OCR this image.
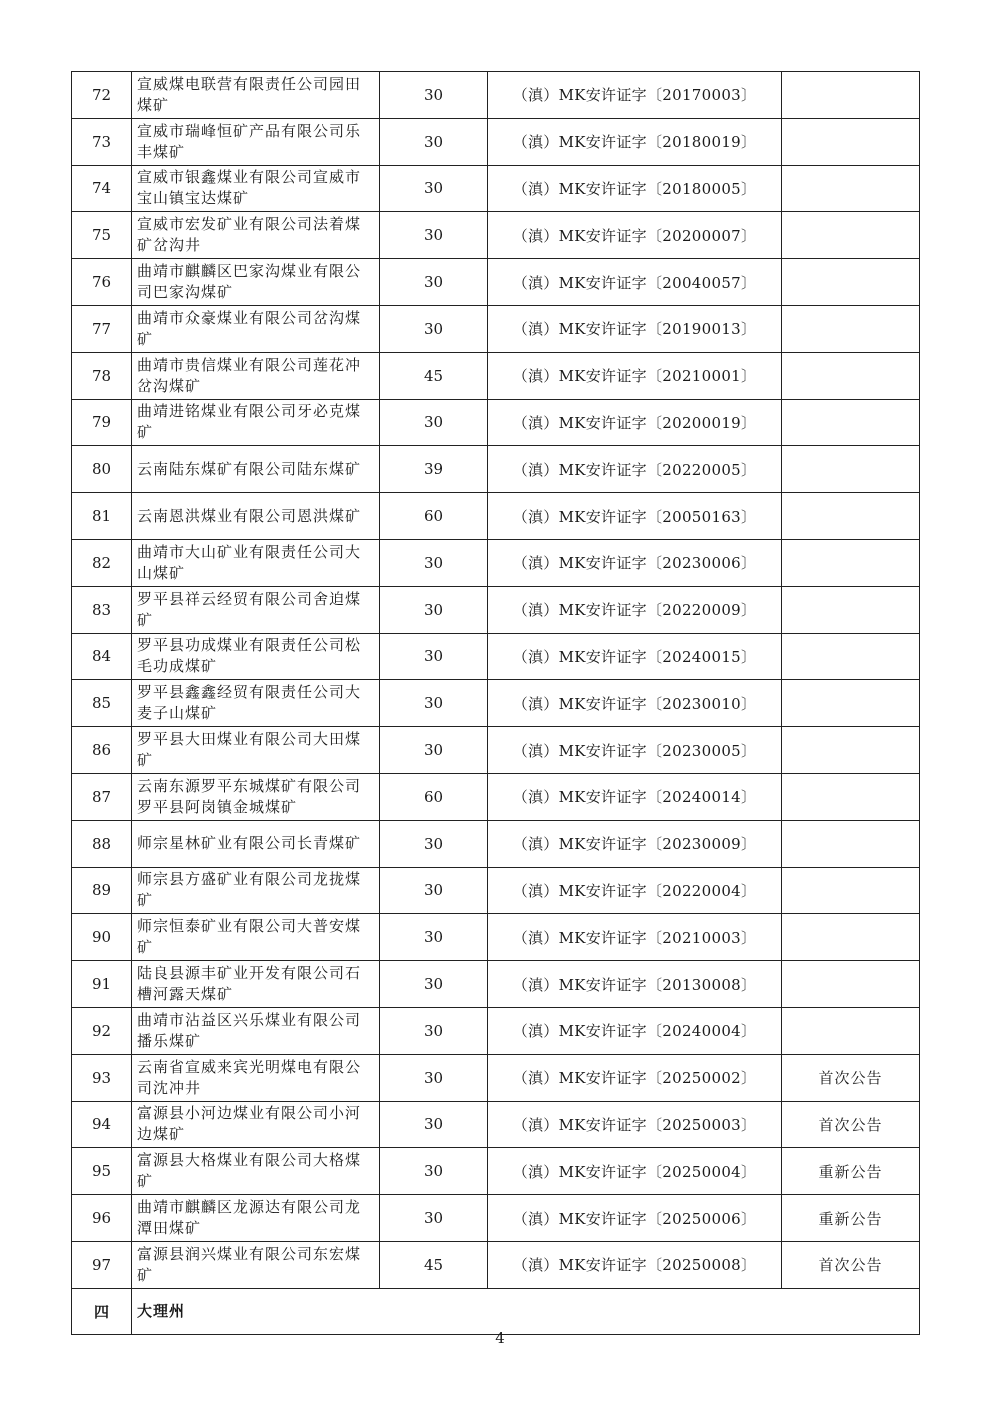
72	宣威煤电联营有限责任公司园田煤矿	30	（滇）MK安许证字〔20170003〕	
73	宣威市瑞峰恒矿产品有限公司乐丰煤矿	30	（滇）MK安许证字〔20180019〕	
74	宣威市银鑫煤业有限公司宣威市宝山镇宝达煤矿	30	（滇）MK安许证字〔20180005〕	
75	宣威市宏发矿业有限公司法着煤矿岔沟井	30	（滇）MK安许证字〔20200007〕	
76	曲靖市麒麟区巴家沟煤业有限公司巴家沟煤矿	30	（滇）MK安许证字〔20040057〕	
77	曲靖市众豪煤业有限公司岔沟煤矿	30	（滇）MK安许证字〔20190013〕	
78	曲靖市贵信煤业有限公司莲花冲岔沟煤矿	45	（滇）MK安许证字〔20210001〕	
79	曲靖进铭煤业有限公司牙必克煤矿	30	（滇）MK安许证字〔20200019〕	
80	云南陆东煤矿有限公司陆东煤矿	39	（滇）MK安许证字〔20220005〕	
81	云南恩洪煤业有限公司恩洪煤矿	60	（滇）MK安许证字〔20050163〕	
82	曲靖市大山矿业有限责任公司大山煤矿	30	（滇）MK安许证字〔20230006〕	
83	罗平县祥云经贸有限公司舍迫煤矿	30	（滇）MK安许证字〔20220009〕	
84	罗平县功成煤业有限责任公司松毛功成煤矿	30	（滇）MK安许证字〔20240015〕	
85	罗平县鑫鑫经贸有限责任公司大麦子山煤矿	30	（滇）MK安许证字〔20230010〕	
86	罗平县大田煤业有限公司大田煤矿	30	（滇）MK安许证字〔20230005〕	
87	云南东源罗平东城煤矿有限公司罗平县阿岗镇金城煤矿	60	（滇）MK安许证字〔20240014〕	
88	师宗星林矿业有限公司长青煤矿	30	（滇）MK安许证字〔20230009〕	
89	师宗县方盛矿业有限公司龙拢煤矿	30	（滇）MK安许证字〔20220004〕	
90	师宗恒泰矿业有限公司大普安煤矿	30	（滇）MK安许证字〔20210003〕	
91	陆良县源丰矿业开发有限公司石槽河露天煤矿	30	（滇）MK安许证字〔20130008〕	
92	曲靖市沾益区兴乐煤业有限公司播乐煤矿	30	（滇）MK安许证字〔20240004〕	
93	云南省宣威来宾光明煤电有限公司沈冲井	30	（滇）MK安许证字〔20250002〕	首次公告
94	富源县小河边煤业有限公司小河边煤矿	30	（滇）MK安许证字〔20250003〕	首次公告
95	富源县大格煤业有限公司大格煤矿	30	（滇）MK安许证字〔20250004〕	重新公告
96	曲靖市麒麟区龙源达有限公司龙潭田煤矿	30	（滇）MK安许证字〔20250006〕	重新公告
97	富源县润兴煤业有限公司东宏煤矿	45	（滇）MK安许证字〔20250008〕	首次公告
四	大理州			
4
